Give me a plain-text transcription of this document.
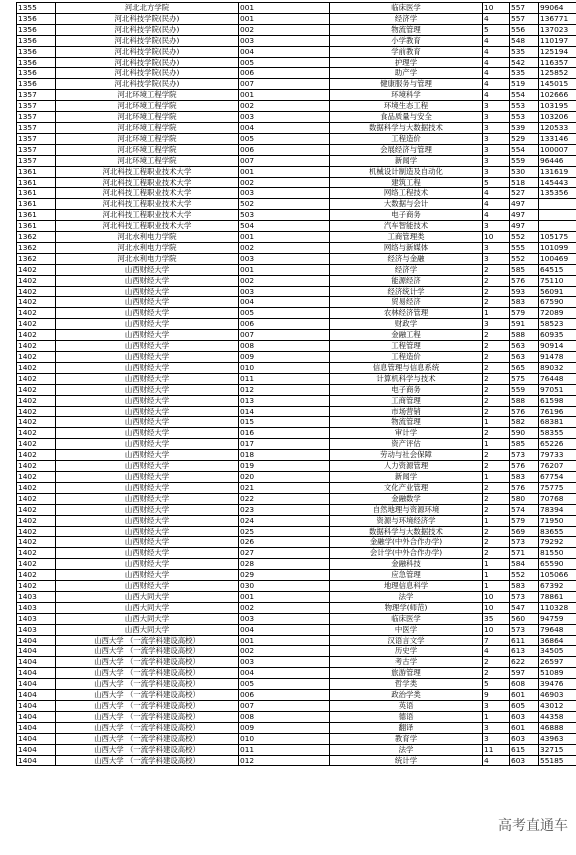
1355	河北北方学院	001	临床医学	10	557	99064
1356	河北科技学院(民办)	001	经济学	4	557	136771
1356	河北科技学院(民办)	002	物流管理	5	556	137023
1356	河北科技学院(民办)	003	小学教育	4	548	110197
1356	河北科技学院(民办)	004	学前教育	4	535	125194
1356	河北科技学院(民办)	005	护理学	4	542	116357
1356	河北科技学院(民办)	006	助产学	4	535	125852
1356	河北科技学院(民办)	007	健康服务与管理	4	519	145015
1357	河北环境工程学院	001	环境科学	4	554	102666
1357	河北环境工程学院	002	环境生态工程	3	553	103195
1357	河北环境工程学院	003	食品质量与安全	3	553	103206
1357	河北环境工程学院	004	数据科学与大数据技术	3	539	120533
1357	河北环境工程学院	005	工程造价	3	529	133146
1357	河北环境工程学院	006	会展经济与管理	3	554	100007
1357	河北环境工程学院	007	新闻学	3	559	96446
1361	河北科技工程职业技术大学	001	机械设计制造及自动化	3	530	131619
1361	河北科技工程职业技术大学	002	建筑工程	5	518	145443
1361	河北科技工程职业技术大学	003	网络工程技术	4	527	135356
1361	河北科技工程职业技术大学	502	大数据与会计	4	497	
1361	河北科技工程职业技术大学	503	电子商务	4	497	
1361	河北科技工程职业技术大学	504	汽车智能技术	3	497	
1362	河北水利电力学院	001	工商管理类	10	552	105175
1362	河北水利电力学院	002	网络与新媒体	3	555	101099
1362	河北水利电力学院	003	经济与金融	3	552	100469
1402	山西财经大学	001	经济学	2	585	64515
1402	山西财经大学	002	能源经济	2	576	75110
1402	山西财经大学	003	经济统计学	2	593	56091
1402	山西财经大学	004	贸易经济	2	583	67590
1402	山西财经大学	005	农林经济管理	1	579	72089
1402	山西财经大学	006	财政学	3	591	58523
1402	山西财经大学	007	金融工程	2	588	60935
1402	山西财经大学	008	工程管理	2	563	90914
1402	山西财经大学	009	工程造价	2	563	91478
1402	山西财经大学	010	信息管理与信息系统	2	565	89032
1402	山西财经大学	011	计算机科学与技术	2	575	76448
1402	山西财经大学	012	电子商务	2	559	97051
1402	山西财经大学	013	工商管理	2	588	61598
1402	山西财经大学	014	市场营销	2	576	76196
1402	山西财经大学	015	物流管理	1	582	68381
1402	山西财经大学	016	审计学	2	590	58355
1402	山西财经大学	017	资产评估	1	585	65226
1402	山西财经大学	018	劳动与社会保障	2	573	79733
1402	山西财经大学	019	人力资源管理	2	576	76207
1402	山西财经大学	020	新闻学	1	583	67754
1402	山西财经大学	021	文化产业管理	2	576	75775
1402	山西财经大学	022	金融数学	2	580	70768
1402	山西财经大学	023	自然地理与资源环境	2	574	78394
1402	山西财经大学	024	资源与环境经济学	1	579	71950
1402	山西财经大学	025	数据科学与大数据技术	2	569	83655
1402	山西财经大学	026	金融学(中外合作办学)	2	573	79292
1402	山西财经大学	027	会计学(中外合作办学)	2	571	81550
1402	山西财经大学	028	金融科技	1	584	65590
1402	山西财经大学	029	应急管理	1	552	105066
1402	山西财经大学	030	地理信息科学	1	583	67392
1403	山西大同大学	001	法学	10	573	78861
1403	山西大同大学	002	物理学(师范)	10	547	110328
1403	山西大同大学	003	临床医学	35	560	94759
1403	山西大同大学	004	中医学	10	573	79648
1404	山西大学 （一流学科建设高校）	001	汉语言文学	7	611	36864
1404	山西大学 （一流学科建设高校）	002	历史学	4	613	34505
1404	山西大学 （一流学科建设高校）	003	考古学	2	622	26597
1404	山西大学 （一流学科建设高校）	004	旅游管理	2	597	51089
1404	山西大学 （一流学科建设高校）	005	哲学类	5	608	39476
1404	山西大学 （一流学科建设高校）	006	政治学类	9	601	46903
1404	山西大学 （一流学科建设高校）	007	英语	3	605	43012
1404	山西大学 （一流学科建设高校）	008	德语	1	603	44358
1404	山西大学 （一流学科建设高校）	009	翻译	3	601	46888
1404	山西大学 （一流学科建设高校）	010	教育学	3	603	43963
1404	山西大学 （一流学科建设高校）	011	法学	11	615	32715
1404	山西大学 （一流学科建设高校）	012	统计学	4	603	55185
高考直通车
